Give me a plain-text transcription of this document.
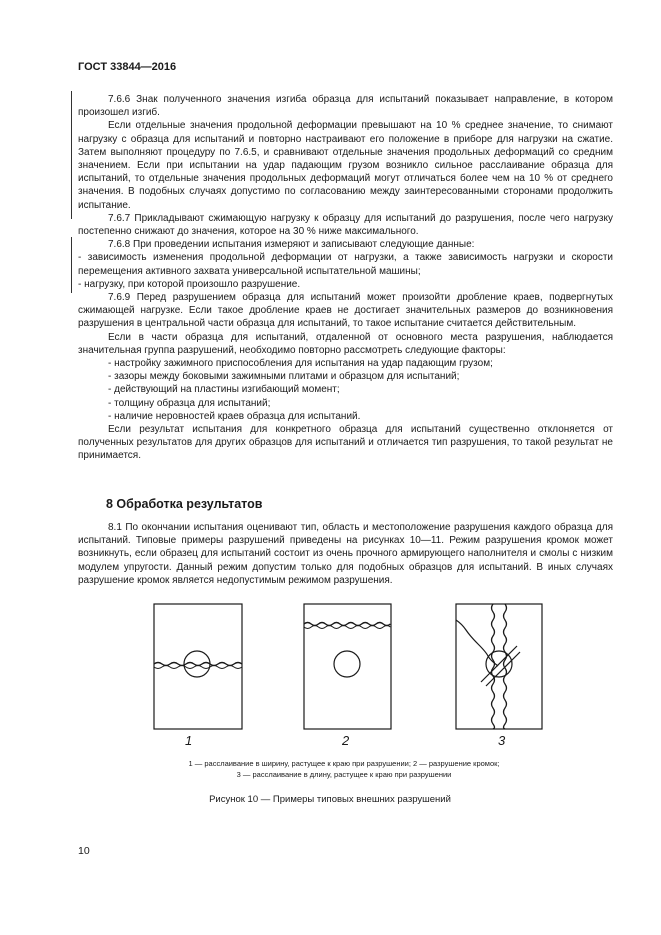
ГОСТ 33844—2016

7.6.6 Знак полученного значения изгиба образца для испытаний показывает направление, в котором произошел изгиб.

Если отдельные значения продольной деформации превышают на 10 % среднее значение, то снимают нагрузку с образца для испытаний и повторно настраивают его положение в приборе для нагрузки на сжатие. Затем выполняют процедуру по 7.6.5, и сравнивают отдельные значения продольных деформаций со средним значением. Если при испытании на удар падающим грузом возникло сильное расслаивание образца для испытаний, то отдельные значения продольных деформаций могут отличаться более чем на 10 % от среднего значения. В подобных случаях допустимо по согласованию между заинтересованными сторонами продолжить испытание.

7.6.7 Прикладывают сжимающую нагрузку к образцу для испытаний до разрушения, после чего нагрузку постепенно снижают до значения, которое на 30 % ниже максимального.

7.6.8 При проведении испытания измеряют и записывают следующие данные:

- зависимость изменения продольной деформации от нагрузки, а также зависимость нагрузки и скорости перемещения активного захвата универсальной испытательной машины;

- нагрузку, при которой произошло разрушение.

7.6.9 Перед разрушением образца для испытаний может произойти дробление краев, подвергнутых сжимающей нагрузке. Если такое дробление краев не достигает значительных размеров до возникновения разрушения в центральной части образца для испытаний, то такое испытание считается действительным.

Если в части образца для испытаний, отдаленной от основного места разрушения, наблюдается значительная группа разрушений, необходимо повторно рассмотреть следующие факторы:

- настройку зажимного приспособления для испытания на удар падающим грузом;

- зазоры между боковыми зажимными плитами и образцом для испытаний;

- действующий на пластины изгибающий момент;

- толщину образца для испытаний;

- наличие неровностей краев образца для испытаний.

Если результат испытания для конкретного образца для испытаний существенно отклоняется от полученных результатов для других образцов для испытаний и отличается тип разрушения, то такой результат не принимается.

8 Обработка результатов

8.1 По окончании испытания оценивают тип, область и местоположение разрушения каждого образца для испытаний. Типовые примеры разрушений приведены на рисунках 10—11. Режим разрушения кромок может возникнуть, если образец для испытаний состоит из очень прочного армирующего наполнителя и смолы с низким модулем упругости. Данный режим допустим только для подобных образцов для испытаний. В иных случаях разрушение кромок является недопустимым режимом разрушения.

1	2	3
1 — расслаивание в ширину, растущее к краю при разрушении; 2 — разрушение кромок;
3 — расслаивание в длину, растущее к краю при разрушении
Рисунок 10 — Примеры типовых внешних разрушений
10
